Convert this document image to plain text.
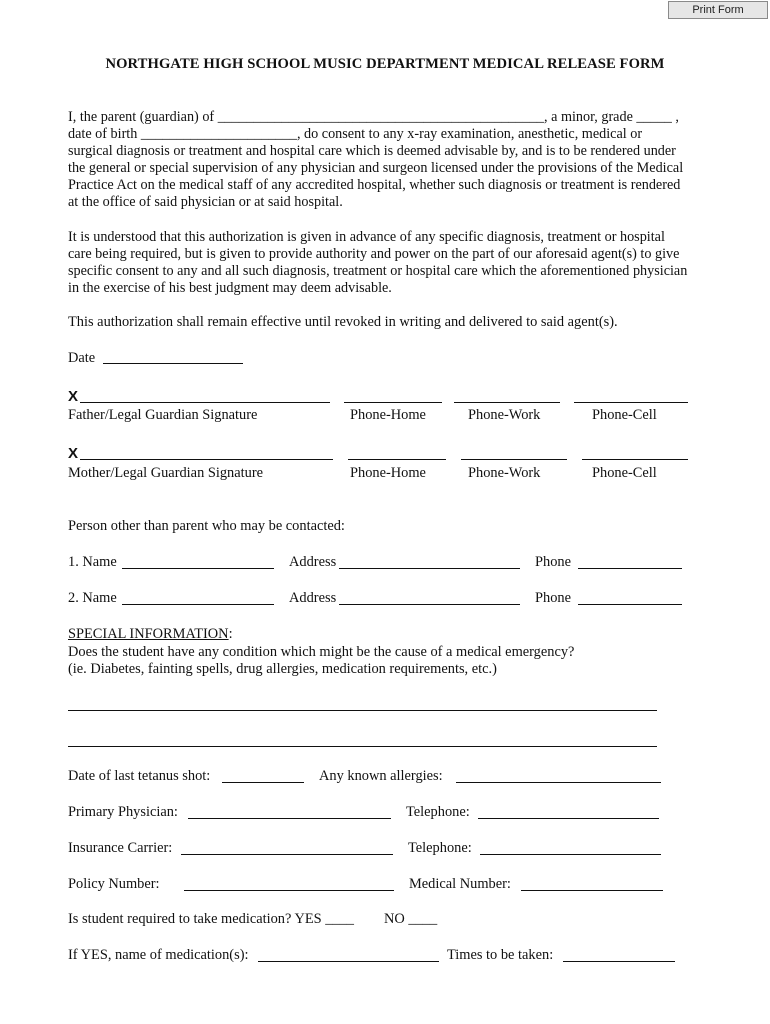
Print Form
NORTHGATE HIGH SCHOOL MUSIC DEPARTMENT MEDICAL RELEASE FORM
I, the parent (guardian) of ______________________________________________, a minor, grade _____ ,
date of birth ______________________, do consent to any x-ray examination, anesthetic, medical or
surgical diagnosis or treatment and hospital care which is deemed advisable by, and is to be rendered under
the general or special supervision of any physician and surgeon licensed under the provisions of the Medical
Practice Act on the medical staff of any accredited hospital, whether such diagnosis or treatment is rendered
at the office of said physician or at said hospital.
It is understood that this authorization is given in advance of any specific diagnosis, treatment or hospital
care being required, but is given to provide authority and power on the part of our aforesaid agent(s) to give
specific consent to any and all such diagnosis, treatment or hospital care which the aforementioned physician
in the exercise of his best judgment may deem advisable.
This authorization shall remain effective until revoked in writing and delivered to said agent(s).
Date
X
Father/Legal Guardian Signature	Phone-Home	Phone-Work	Phone-Cell
X
Mother/Legal Guardian Signature	Phone-Home	Phone-Work	Phone-Cell
Person other than parent who may be contacted:
1. Name	Address	Phone
2. Name	Address	Phone
SPECIAL INFORMATION:
Does the student have any condition which might be the cause of a medical emergency?
(ie. Diabetes, fainting spells, drug allergies, medication requirements, etc.)
Date of last tetanus shot:	Any known allergies:
Primary Physician:	Telephone:
Insurance Carrier:	Telephone:
Policy Number:	Medical Number:
Is student required to take medication? YES ____ NO ____
If YES, name of medication(s):	Times to be taken:
